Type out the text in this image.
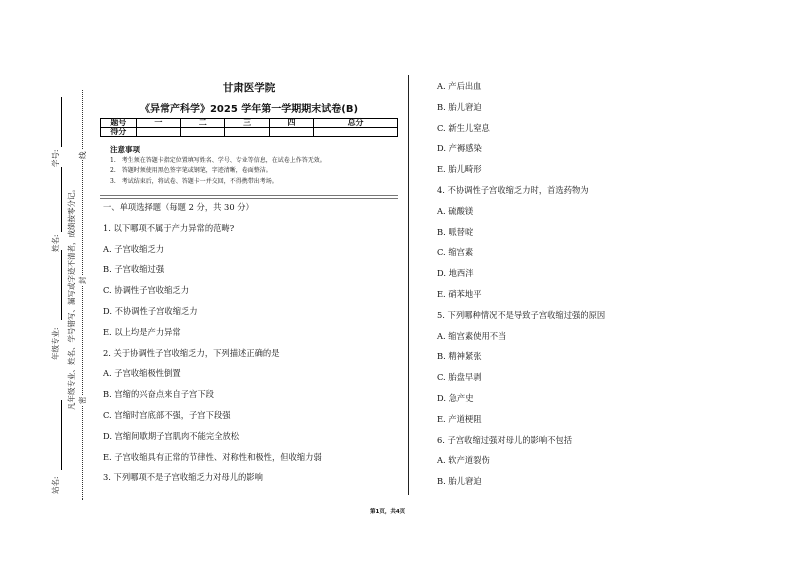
站名:
年级专业:
姓名:
学号:
凡年级专业、姓名、学号错写、漏写或字迹不清者，成绩按零分记。 密
封
线
甘肃医学院
《异常产科学》2025 学年第一学期期末试卷(B)
题号	一	二	三	四	总分
得分					
注意事项
1.　考生须在答题卡指定位置填写姓名、学号、专业等信息，在试卷上作答无效。
2.　答题时须使用黑色签字笔或钢笔，字迹清晰，卷面整洁。
3.　考试结束后，将试卷、答题卡一并交回，不得携带出考场。
一、单项选择题（每题 2 分，共 30 分）
1. 以下哪项不属于产力异常的范畴?
A. 子宫收缩乏力
B. 子宫收缩过强
C. 协调性子宫收缩乏力
D. 不协调性子宫收缩乏力
E. 以上均是产力异常
2. 关于协调性子宫收缩乏力，下列描述正确的是
A. 子宫收缩极性倒置
B. 宫缩的兴奋点来自子宫下段
C. 宫缩时宫底部不强，子宫下段强
D. 宫缩间歇期子宫肌肉不能完全放松
E. 子宫收缩具有正常的节律性、对称性和极性，但收缩力弱
3. 下列哪项不是子宫收缩乏力对母儿的影响
A. 产后出血
B. 胎儿窘迫
C. 新生儿窒息
D. 产褥感染
E. 胎儿畸形
4. 不协调性子宫收缩乏力时，首选药物为
A. 硫酸镁
B. 哌替啶
C. 缩宫素
D. 地西泮
E. 硝苯地平
5. 下列哪种情况不是导致子宫收缩过强的原因
A. 缩宫素使用不当
B. 精神紧张
C. 胎盘早剥
D. 急产史
E. 产道梗阻
6. 子宫收缩过强对母儿的影响不包括
A. 软产道裂伤
B. 胎儿窘迫
第1页，共4页
